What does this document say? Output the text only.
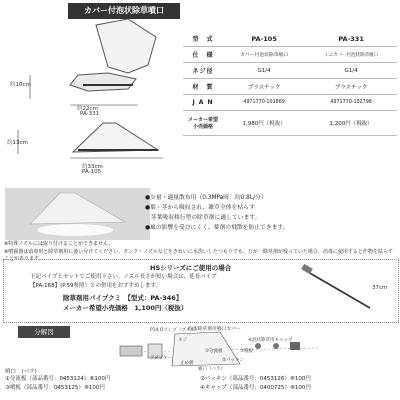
カバー付泡状除草噴口
約10cm
約22cm
PA-331
約13cm
約33cm
PA-105
型　式	PA-105	PA-331
仕　様	カバー付泡状除草噴口	ミニカバー付泡状除草噴口
ネジ径	G1/4	G1/4
材　質	プラスチック	プラスチック
J A N	4971770-101869	4971770-102798
メーカー希望 小売価格	1,980円（税抜）	1,200円（税抜）
●少量・適量散布用（0.3MPa時：約0.8L/分）
●葉・茎から吸収され、雑草全体を枯らす
　茎葉吸収移行型の除草剤に適しています。
●風の影響を受けにくく、薬剤の飛散を防止できます。
※特殊ノズルには取り付けることができません。
※噴霧器は消毒用と除草剤用に使い分けてください。タンク・ノズルなどをきれいに水洗いしたつもりでも、万が一除草剤が残っていた場合、消毒に使用すると作物を枯らすことがあります。
HSシリーズにご使用の場合
下記パイプとセットでご使用下さい。ノズル長さが短い場合は、延長パイプ
【PA-168】(P.59参照）との併用をおすすめします。
除草剤用パイプクミ　【型式：PA-346】
メーカー希望小売価格　1,100円（税抜）
37cm
分解図	泡状除草剤用噴口カバー
P14 Oリング（ブチル）
ネジ
アダプター
噴口（バラ）
止め板
④泡状除草用キャップ
①分流板	③噴板
②パッキン
噴口　(バラ)
①分流板（部品番号：0453124）⑧100円	②パッキン（部品番号：0453126）⑧100円
③噴板（部品番号：0453125）⑧100円	④キャップ（部品番号：0400725）⑧100円
